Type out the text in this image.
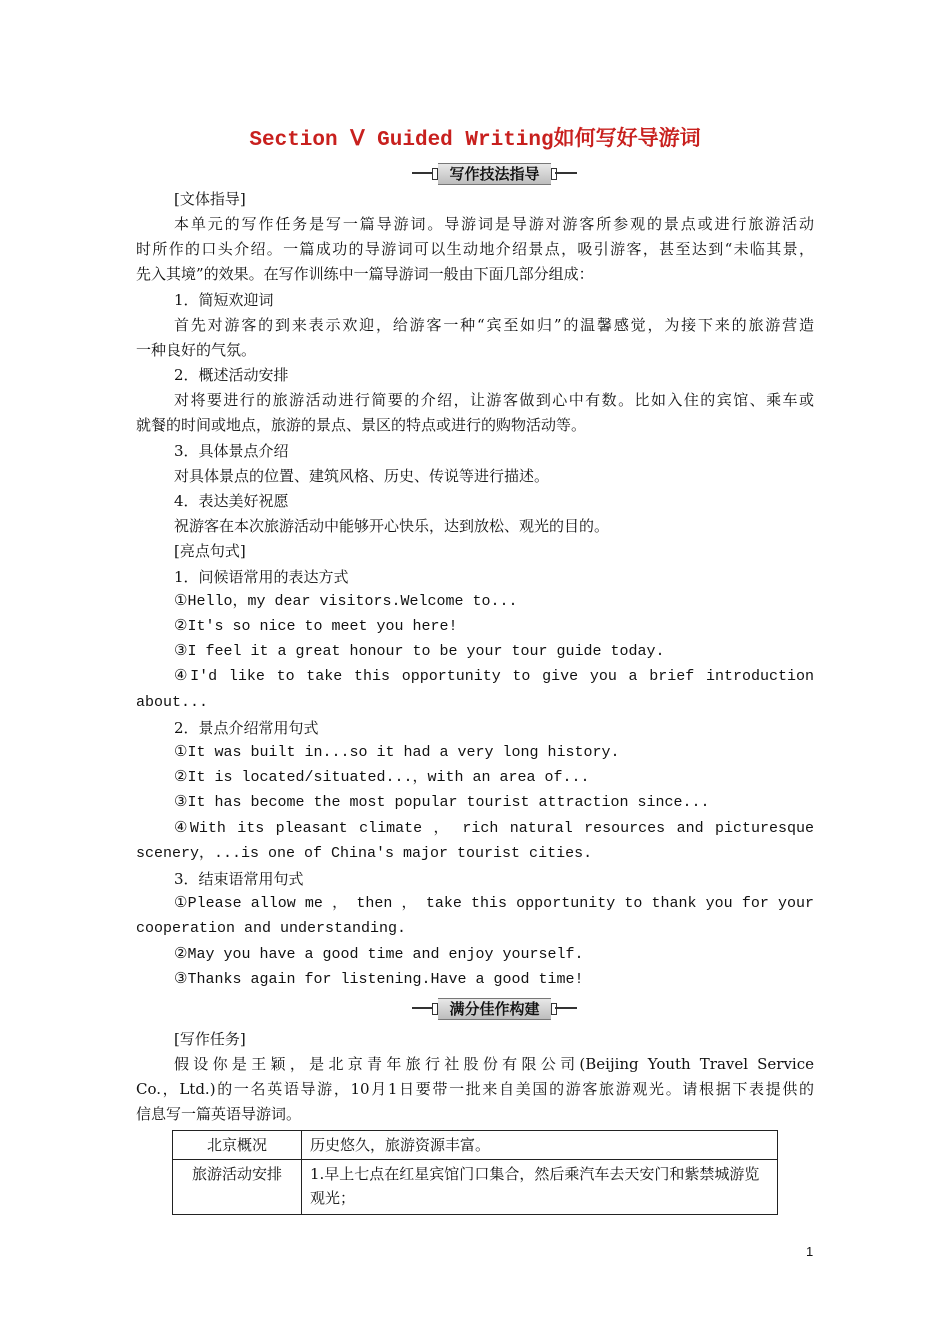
Section Ⅴ Guided Writing如何写好导游词
写作技法指导
满分佳作构建
[文体指导]
本单元的写作任务是写一篇导游词。导游词是导游对游客所参观的景点或进行旅游活动
时所作的口头介绍。一篇成功的导游词可以生动地介绍景点，吸引游客，甚至达到“未临其景，
先入其境”的效果。在写作训练中一篇导游词一般由下面几部分组成：
1．简短欢迎词
首先对游客的到来表示欢迎，给游客一种“宾至如归”的温馨感觉，为接下来的旅游营造
一种良好的气氛。
2．概述活动安排
对将要进行的旅游活动进行简要的介绍，让游客做到心中有数。比如入住的宾馆、乘车或
就餐的时间或地点，旅游的景点、景区的特点或进行的购物活动等。
3．具体景点介绍
对具体景点的位置、建筑风格、历史、传说等进行描述。
4．表达美好祝愿
祝游客在本次旅游活动中能够开心快乐，达到放松、观光的目的。
[亮点句式]
1．问候语常用的表达方式
①Hello，my dear visitors.Welcome to...
②It's so nice to meet you here!
③I feel it a great honour to be your tour guide today.
④I'd like to take this opportunity to give you a brief introduction
about...
2．景点介绍常用句式
①It was built in...so it had a very long history.
②It is located/situated...，with an area of...
③It has become the most popular tourist attraction since...
④With its pleasant climate ， rich natural resources and picturesque
scenery，...is one of China's major tourist cities.
3．结束语常用句式
①Please allow me ， then ， take this opportunity to thank you for your
cooperation and understanding.
②May you have a good time and enjoy yourself.
③Thanks again for listening.Have a good time!
[写作任务]
假设你是王颖，是北京青年旅行社股份有限公司(Beijing Youth Travel Service
Co.，Ltd.)的一名英语导游，10月1日要带一批来自美国的游客旅游观光。请根据下表提供的
信息写一篇英语导游词。
北京概况	历史悠久，旅游资源丰富。
旅游活动安排	1.早上七点在红星宾馆门口集合，然后乘汽车去天安门和紫禁城游览观光；
1
